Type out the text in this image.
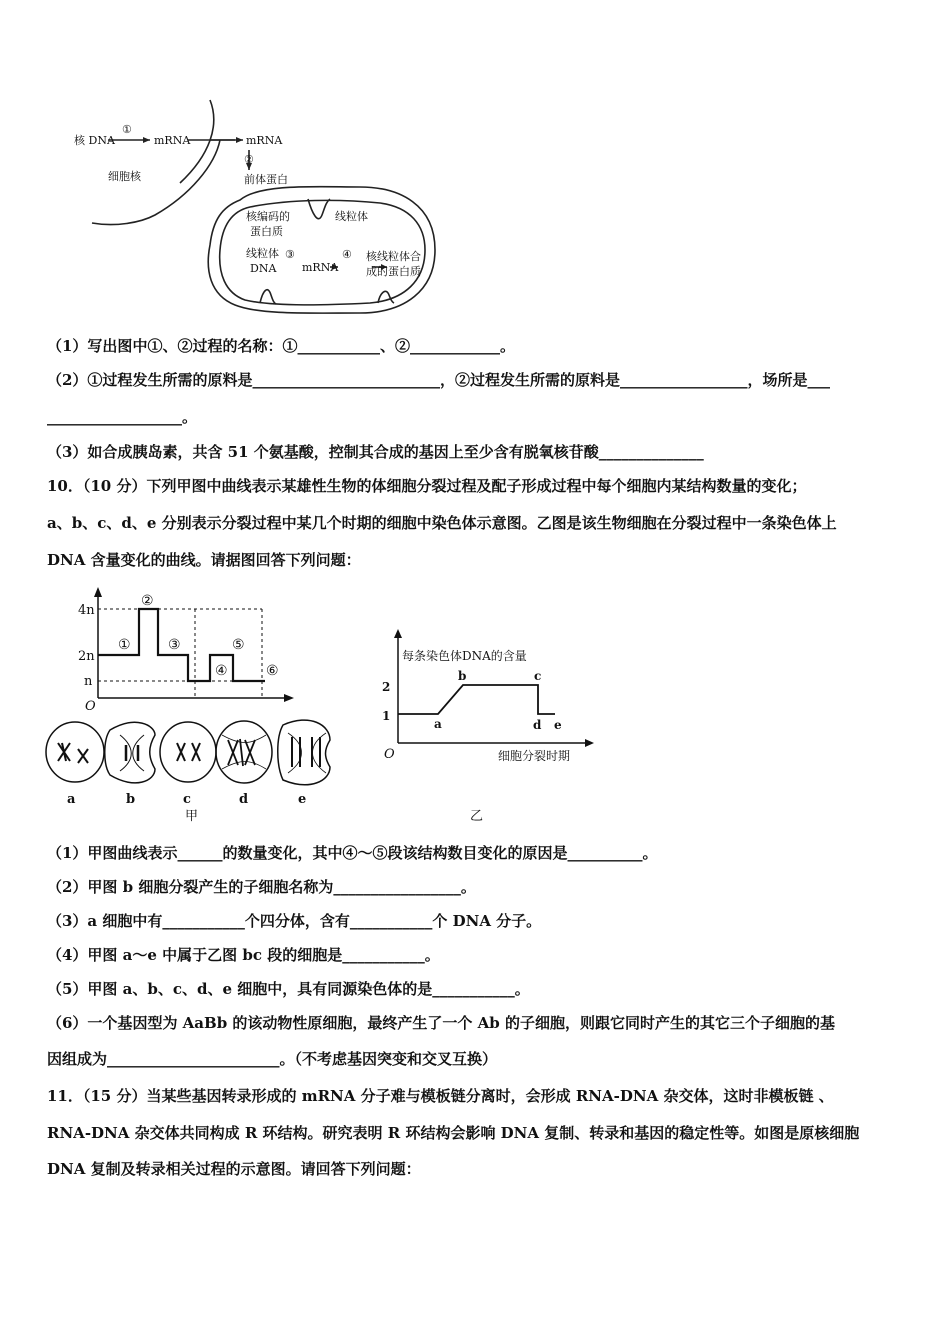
核 DNA
①
mRNA	mRNA
②
细胞核	前体蛋白
核编码的
蛋白质
线粒体
线粒体
DNA
③
mRNA
④ 核线粒体合
成的蛋白质
（1）写出图中①、②过程的名称：①___________、②____________。
（2）①过程发生所需的原料是_________________________，②过程发生所需的原料是_________________，场所是___
__________________。
（3）如合成胰岛素，共含 51 个氨基酸，控制其合成的基因上至少含有脱氧核苷酸______________
10．（10 分）下列甲图中曲线表示某雄性生物的体细胞分裂过程及配子形成过程中每个细胞内某结构数量的变化；
a、b、c、d、e 分别表示分裂过程中某几个时期的细胞中染色体示意图。乙图是该生物细胞在分裂过程中一条染色体上
DNA 含量变化的曲线。请据图回答下列问题：
4n
2n
n
O
①
②
③
④
⑤
⑥
a	b	c	d	e
甲
每条染色体DNA的含量
O	细胞分裂时期
2
1
a
b	c
d e
乙
（1）甲图曲线表示______的数量变化，其中④～⑤段该结构数目变化的原因是__________。
（2）甲图 b 细胞分裂产生的子细胞名称为_________________。
（3）a 细胞中有___________个四分体，含有___________个 DNA 分子。
（4）甲图 a～e 中属于乙图 bc 段的细胞是___________。
（5）甲图 a、b、c、d、e 细胞中，具有同源染色体的是___________。
（6）一个基因型为 AaBb 的该动物性原细胞，最终产生了一个 Ab 的子细胞，则跟它同时产生的其它三个子细胞的基
因组成为_______________________。（不考虑基因突变和交叉互换）
11．（15 分）当某些基因转录形成的 mRNA 分子难与模板链分离时，会形成 RNA-DNA 杂交体，这时非模板链 、
RNA-DNA 杂交体共同构成 R 环结构。研究表明 R 环结构会影响 DNA 复制、转录和基因的稳定性等。如图是原核细胞
DNA 复制及转录相关过程的示意图。请回答下列问题：
